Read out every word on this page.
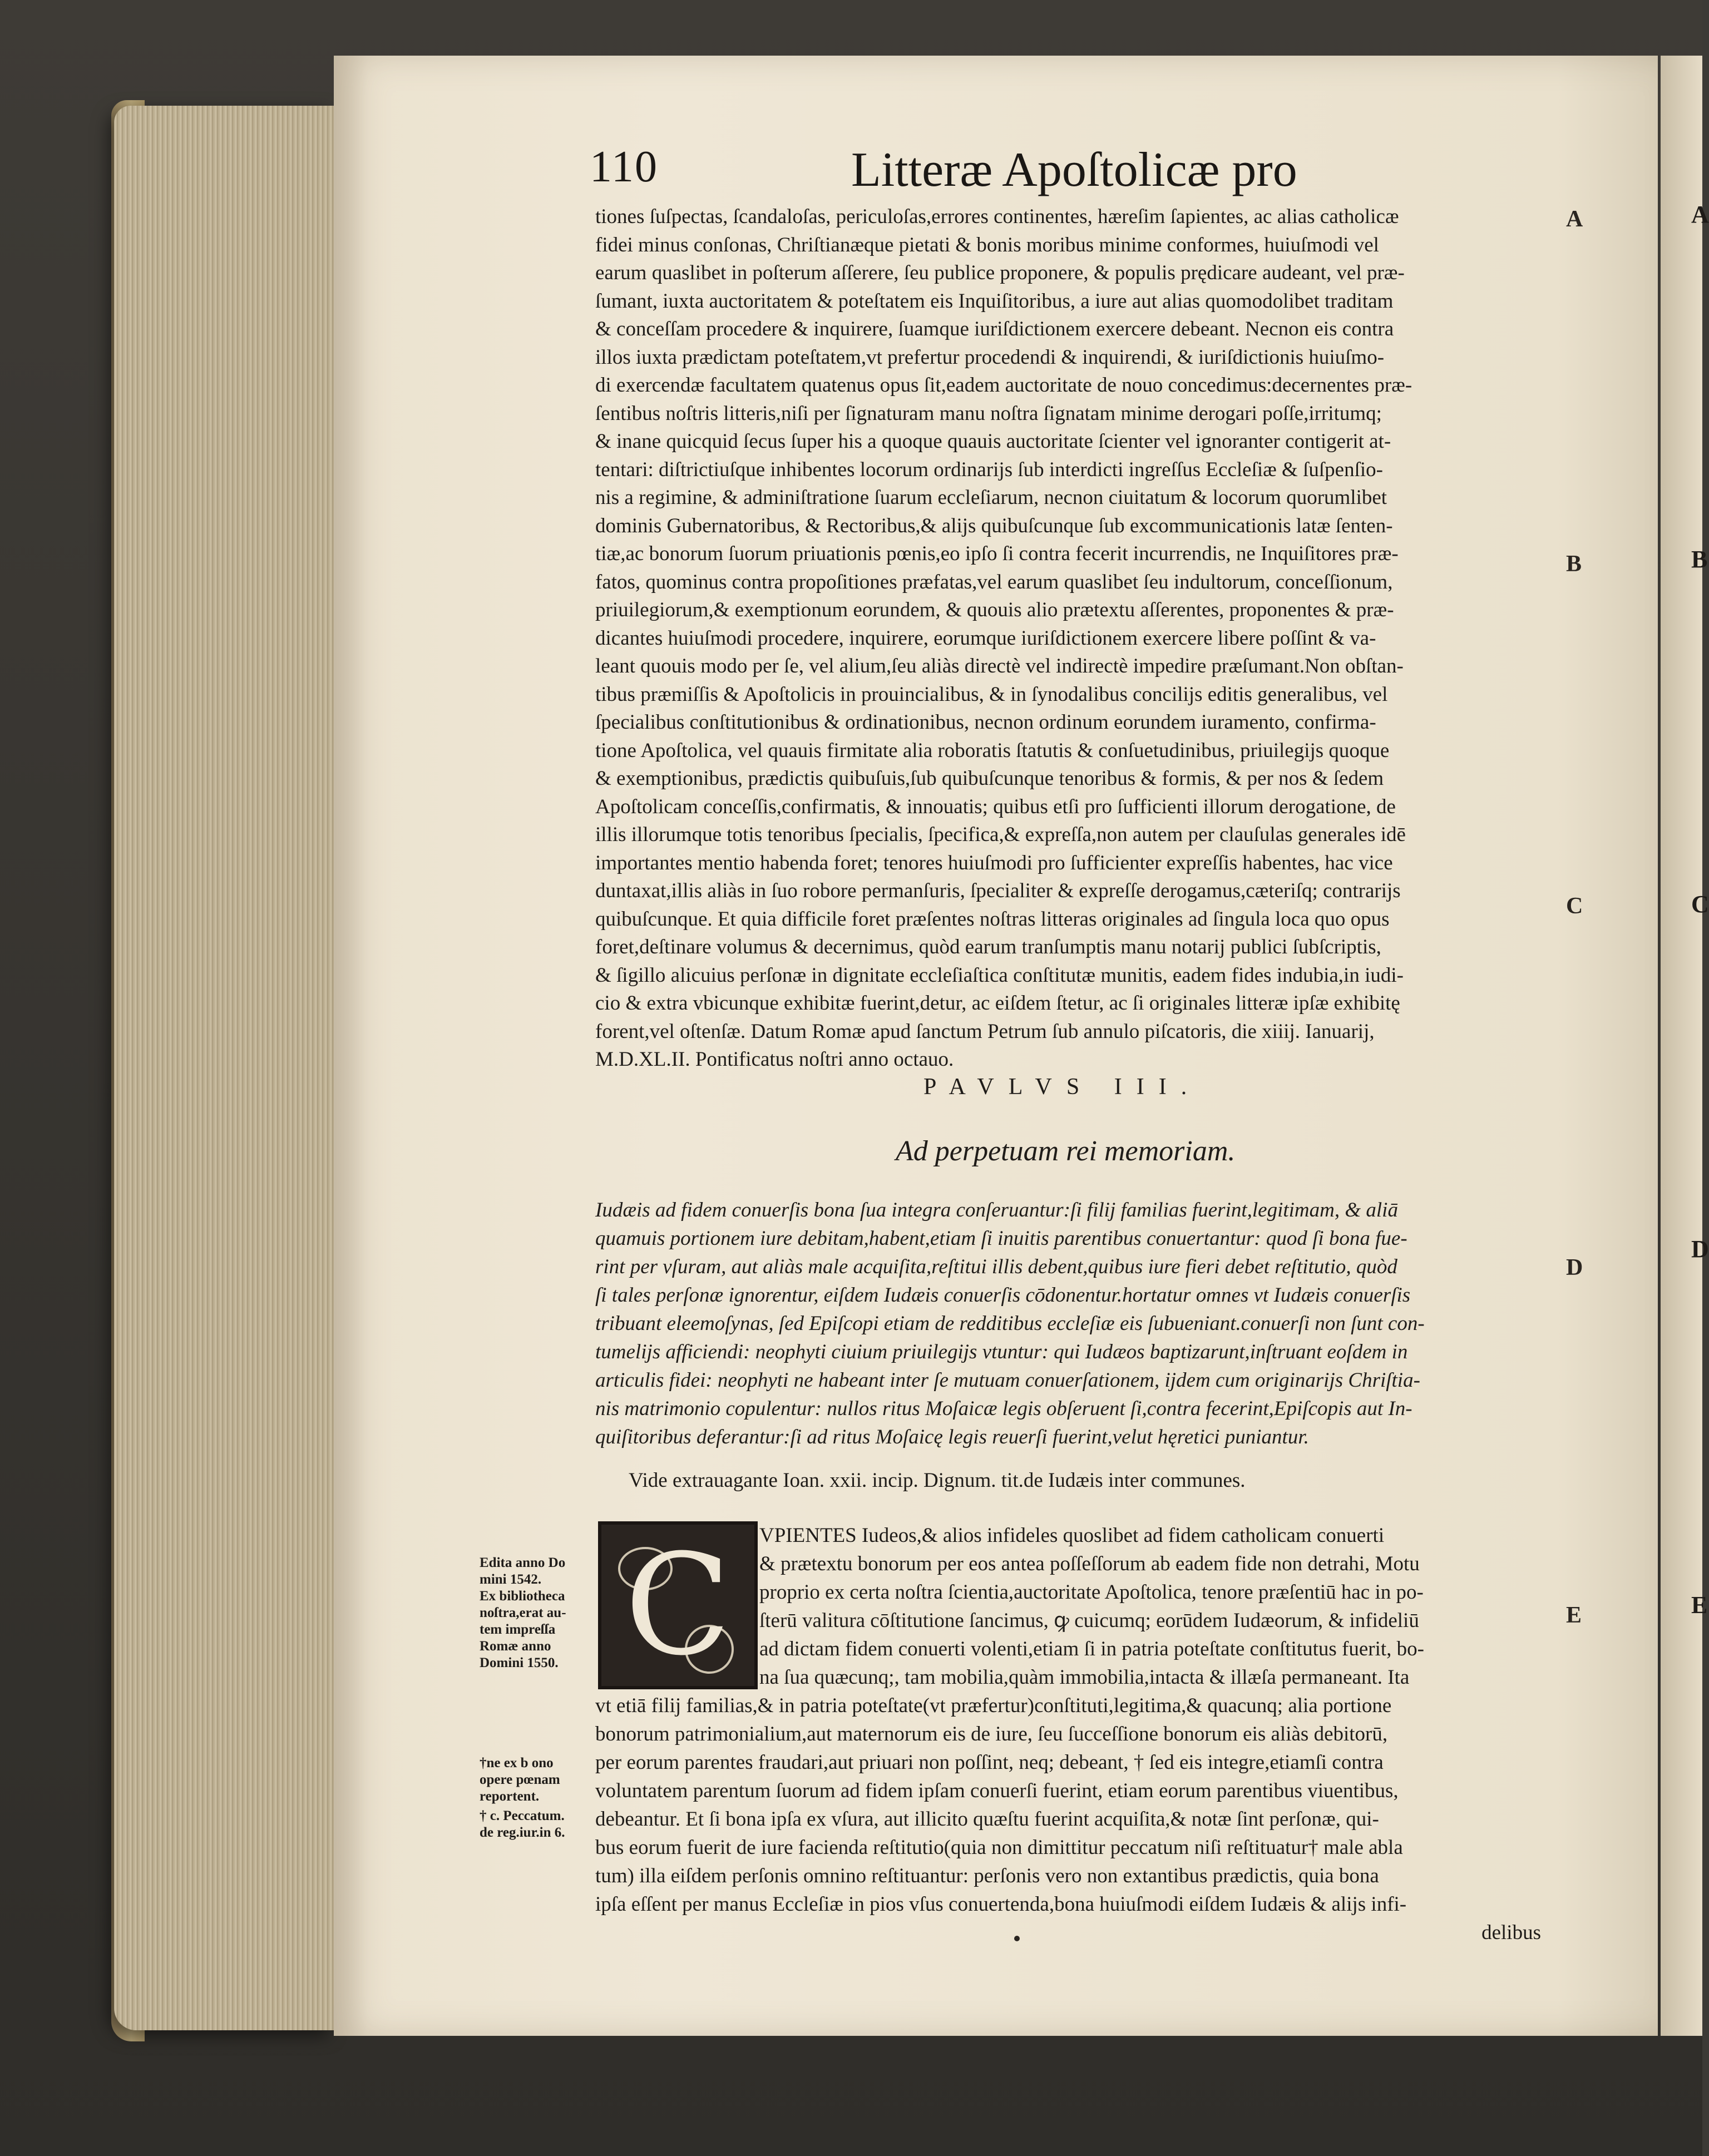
A
B
C
D
E
110	Litteræ Apoſtolicæ pro
A
B
C
D
E
tiones ſuſpectas, ſcandaloſas, periculoſas,errores continentes, hæreſim ſapientes, ac alias catholicæ
fidei minus conſonas, Chriſtianæque pietati & bonis moribus minime conformes, huiuſmodi vel
earum quaslibet in poſterum aſſerere, ſeu publice proponere, & populis prędicare audeant, vel præ-
ſumant, iuxta auctoritatem & poteſtatem eis Inquiſitoribus, a iure aut alias quomodolibet traditam
& conceſſam procedere & inquirere, ſuamque iuriſdictionem exercere debeant. Necnon eis contra
illos iuxta prædictam poteſtatem,vt prefertur procedendi & inquirendi, & iuriſdictionis huiuſmo-
di exercendæ facultatem quatenus opus ſit,eadem auctoritate de nouo concedimus:decernentes præ-
ſentibus noſtris litteris,niſi per ſignaturam manu noſtra ſignatam minime derogari poſſe,irritumq;
& inane quicquid ſecus ſuper his a quoque quauis auctoritate ſcienter vel ignoranter contigerit at-
tentari: diſtrictiuſque inhibentes locorum ordinarijs ſub interdicti ingreſſus Eccleſiæ & ſuſpenſio-
nis a regimine, & adminiſtratione ſuarum eccleſiarum, necnon ciuitatum & locorum quorumlibet
dominis Gubernatoribus, & Rectoribus,& alijs quibuſcunque ſub excommunicationis latæ ſenten-
tiæ,ac bonorum ſuorum priuationis pœnis,eo ipſo ſi contra fecerit incurrendis, ne Inquiſitores præ-
fatos, quominus contra propoſitiones præfatas,vel earum quaslibet ſeu indultorum, conceſſionum,
priuilegiorum,& exemptionum eorundem, & quouis alio prætextu aſſerentes, proponentes & præ-
dicantes huiuſmodi procedere, inquirere, eorumque iuriſdictionem exercere libere poſſint & va-
leant quouis modo per ſe, vel alium,ſeu aliàs directè vel indirectè impedire præſumant.Non obſtan-
tibus præmiſſis & Apoſtolicis in prouincialibus, & in ſynodalibus concilijs editis generalibus, vel
ſpecialibus conſtitutionibus & ordinationibus, necnon ordinum eorundem iuramento, confirma-
tione Apoſtolica, vel quauis firmitate alia roboratis ſtatutis & conſuetudinibus, priuilegijs quoque
& exemptionibus, prædictis quibuſuis,ſub quibuſcunque tenoribus & formis, & per nos & ſedem
Apoſtolicam conceſſis,confirmatis, & innouatis; quibus etſi pro ſufficienti illorum derogatione, de
illis illorumque totis tenoribus ſpecialis, ſpecifica,& expreſſa,non autem per clauſulas generales idē
importantes mentio habenda foret; tenores huiuſmodi pro ſufficienter expreſſis habentes, hac vice
duntaxat,illis aliàs in ſuo robore permanſuris, ſpecialiter & expreſſe derogamus,cæteriſq; contrarijs
quibuſcunque. Et quia difficile foret præſentes noſtras litteras originales ad ſingula loca quo opus
foret,deſtinare volumus & decernimus, quòd earum tranſumptis manu notarij publici ſubſcriptis,
& ſigillo alicuius perſonæ in dignitate eccleſiaſtica conſtitutæ munitis, eadem fides indubia,in iudi-
cio & extra vbicunque exhibitæ fuerint,detur, ac eiſdem ſtetur, ac ſi originales litteræ ipſæ exhibitę
forent,vel oſtenſæ. Datum Romæ apud ſanctum Petrum ſub annulo piſcatoris, die xiiij. Ianuarij,
M.D.XL.II. Pontificatus noſtri anno octauo.
PAVLVS III.
Ad perpetuam rei memoriam.
Iudæis ad fidem conuerſis bona ſua integra conſeruantur:ſi filij familias fuerint,legitimam, & aliā
quamuis portionem iure debitam,habent,etiam ſi inuitis parentibus conuertantur: quod ſi bona fue-
rint per vſuram, aut aliàs male acquiſita,reſtitui illis debent,quibus iure fieri debet reſtitutio, quòd
ſi tales perſonæ ignorentur, eiſdem Iudæis conuerſis cōdonentur.hortatur omnes vt Iudæis conuerſis
tribuant eleemoſynas, ſed Epiſcopi etiam de redditibus eccleſiæ eis ſubueniant.conuerſi non ſunt con-
tumelijs afficiendi: neophyti ciuium priuilegijs vtuntur: qui Iudæos baptizarunt,inſtruant eoſdem in
articulis fidei: neophyti ne habeant inter ſe mutuam conuerſationem, ijdem cum originarijs Chriſtia-
nis matrimonio copulentur: nullos ritus Moſaicæ legis obſeruent ſi,contra fecerint,Epiſcopis aut In-
quiſitoribus deferantur:ſi ad ritus Moſaicę legis reuerſi fuerint,velut hęretici puniantur.
Vide extrauagante Ioan. xxii. incip. Dignum. tit.de Iudæis inter communes.
C	VPIENTES Iudeos,& alios infideles quoslibet ad fidem catholicam conuerti
& prætextu bonorum per eos antea poſſeſſorum ab eadem fide non detrahi, Motu
proprio ex certa noſtra ſcientia,auctoritate Apoſtolica, tenore præſentiū hac in po-
ſterū valitura cōſtitutione ſancimus, ꝙ cuicumq; eorūdem Iudæorum, & infideliū
ad dictam fidem conuerti volenti,etiam ſi in patria poteſtate conſtitutus fuerit, bo-
na ſua quæcunq;, tam mobilia,quàm immobilia,intacta & illæſa permaneant. Ita
vt etiā filij familias,& in patria poteſtate(vt præfertur)conſtituti,legitima,& quacunq; alia portione
bonorum patrimonialium,aut maternorum eis de iure, ſeu ſucceſſione bonorum eis aliàs debitorū,
per eorum parentes fraudari,aut priuari non poſſint, neq; debeant, † ſed eis integre,etiamſi contra
voluntatem parentum ſuorum ad fidem ipſam conuerſi fuerint, etiam eorum parentibus viuentibus,
debeantur. Et ſi bona ipſa ex vſura, aut illicito quæſtu fuerint acquiſita,& notæ ſint perſonæ, qui-
bus eorum fuerit de iure facienda reſtitutio(quia non dimittitur peccatum niſi reſtituatur† male abla
tum) illa eiſdem perſonis omnino reſtituantur: perſonis vero non extantibus prædictis, quia bona
ipſa eſſent per manus Eccleſiæ in pios vſus conuertenda,bona huiuſmodi eiſdem Iudæis & alijs infi-
delibus
Edita anno Do
mini 1542.
Ex bibliotheca
noſtra,erat au-
tem impreſſa
Romæ anno
Domini 1550.
†ne ex b ono
opere pœnam
reportent.
† c. Peccatum.
de reg.iur.in 6.
